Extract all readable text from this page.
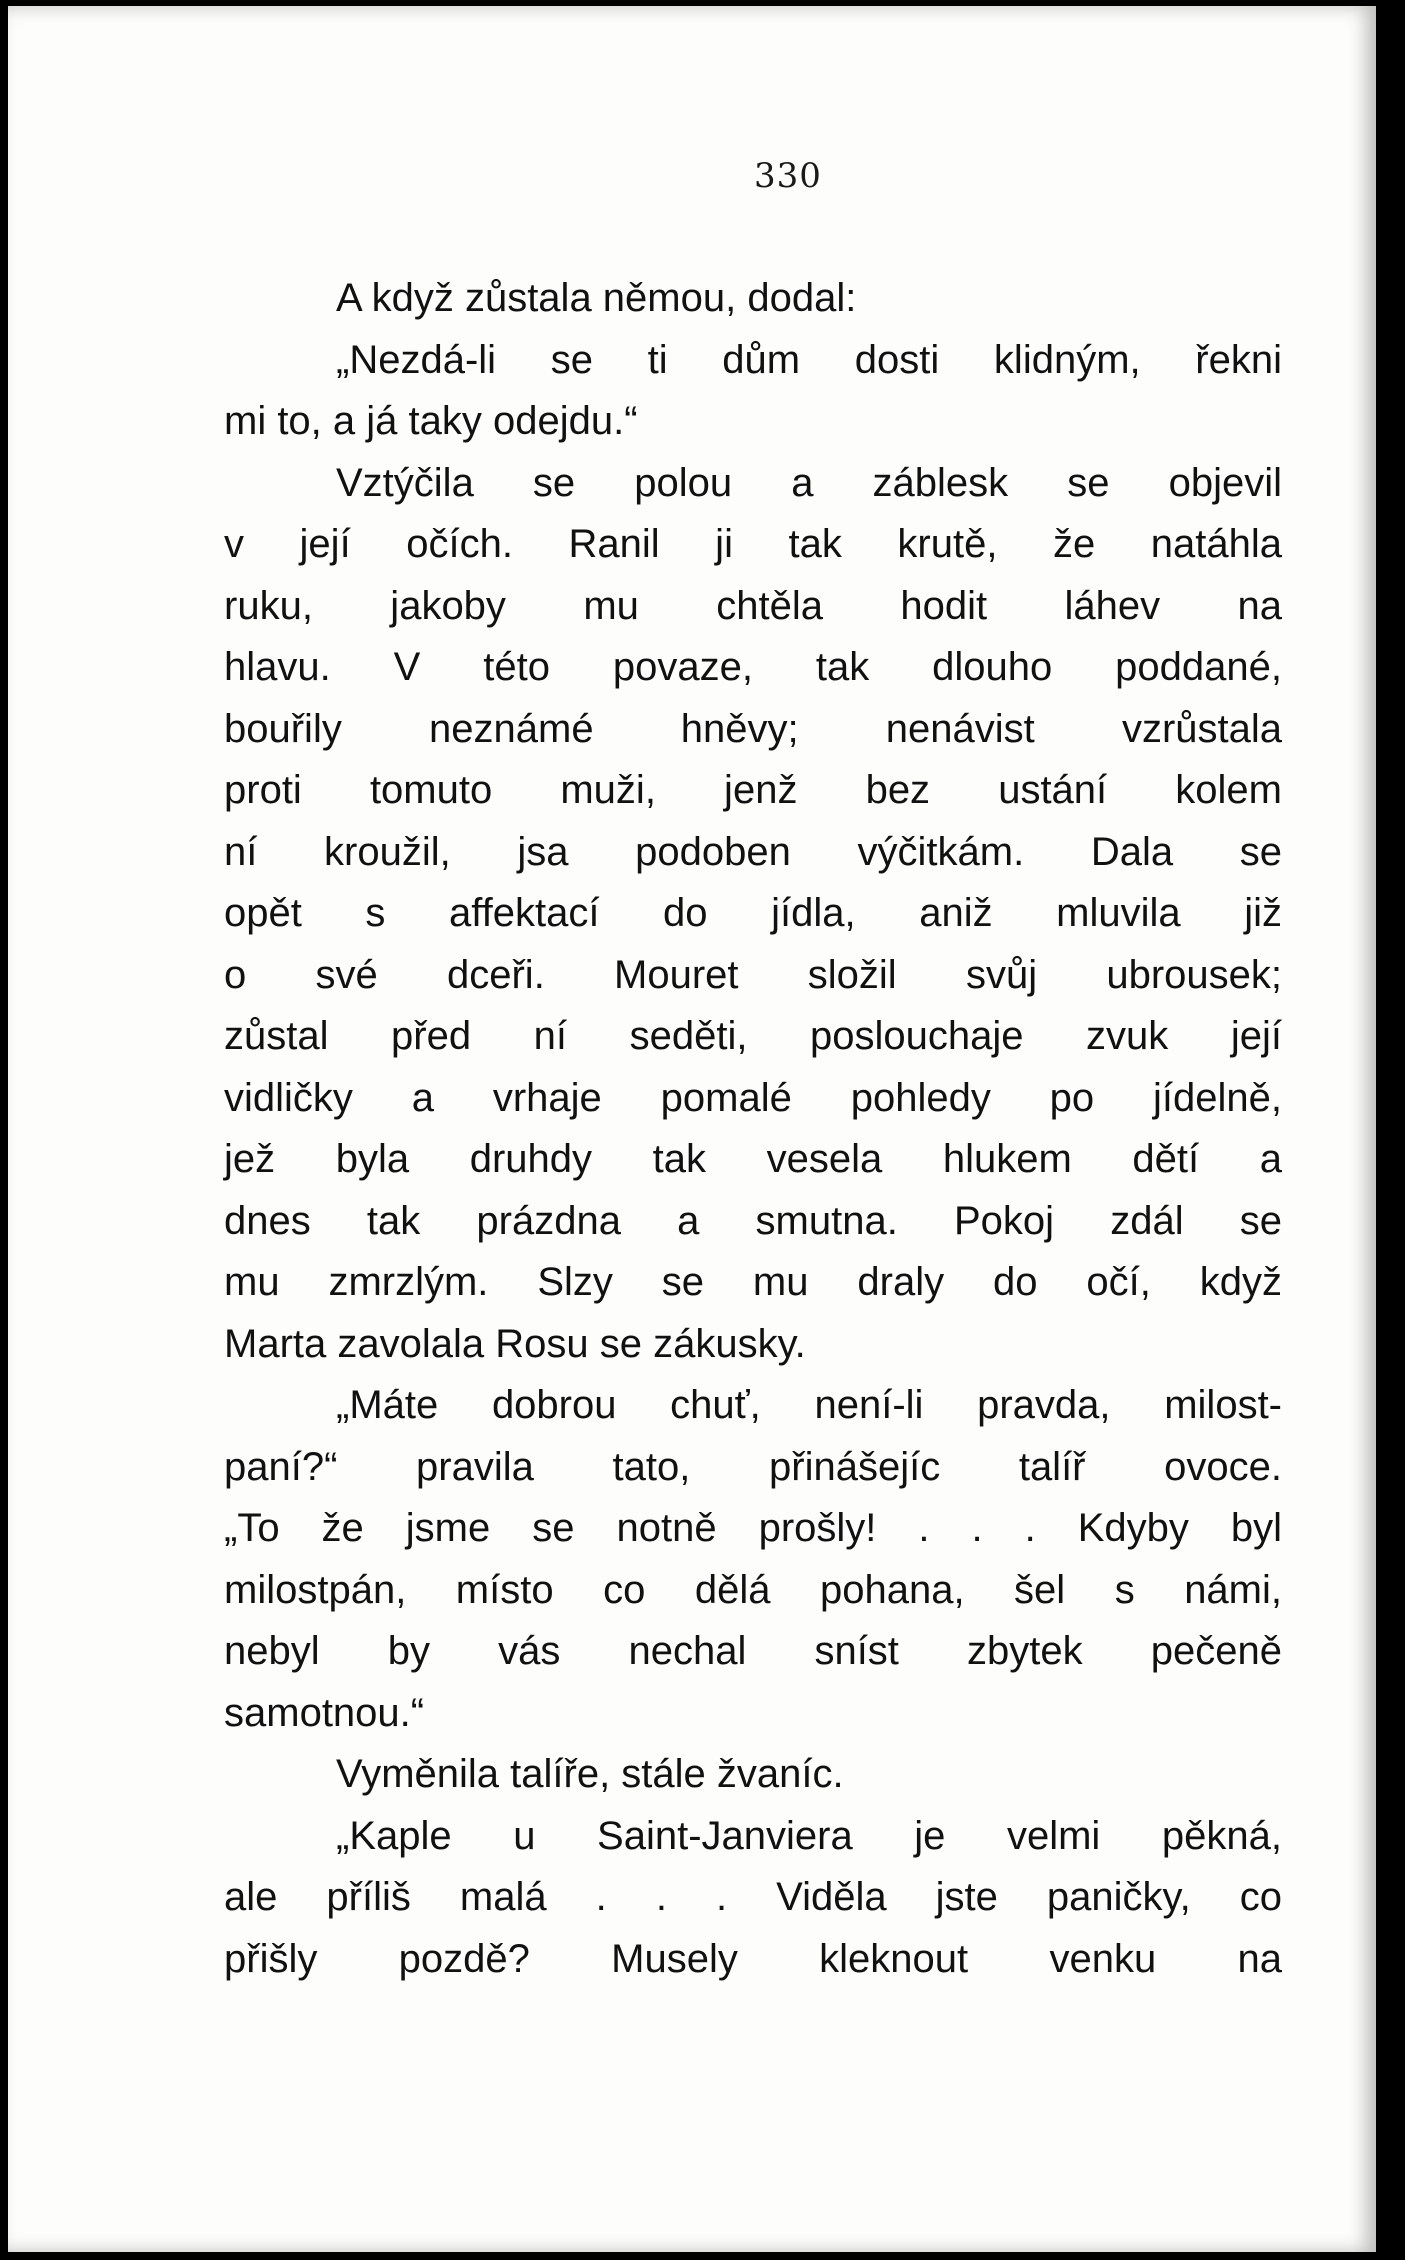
330
A když zůstala němou, dodal:
„Nezdá-li se ti dům dosti klidným, řekni
mi to, a já taky odejdu.“
Vztýčila se polou a záblesk se objevil
v její očích. Ranil ji tak krutě, že natáhla
ruku, jakoby mu chtěla hodit láhev na
hlavu. V této povaze, tak dlouho poddané,
bouřily neznámé hněvy; nenávist vzrůstala
proti tomuto muži, jenž bez ustání kolem
ní kroužil, jsa podoben výčitkám. Dala se
opět s affektací do jídla, aniž mluvila již
o své dceři. Mouret složil svůj ubrousek;
zůstal před ní seděti, poslouchaje zvuk její
vidličky a vrhaje pomalé pohledy po jídelně,
jež byla druhdy tak vesela hlukem dětí a
dnes tak prázdna a smutna. Pokoj zdál se
mu zmrzlým. Slzy se mu draly do očí, když
Marta zavolala Rosu se zákusky.
„Máte dobrou chuť, není-li pravda, milost-
paní?“ pravila tato, přinášejíc talíř ovoce.
„To že jsme se notně prošly! . . . Kdyby byl
milostpán, místo co dělá pohana, šel s námi,
nebyl by vás nechal sníst zbytek pečeně
samotnou.“
Vyměnila talíře, stále žvaníc.
„Kaple u Saint-Janviera je velmi pěkná,
ale příliš malá . . . Viděla jste paničky, co
přišly pozdě? Musely kleknout venku na
